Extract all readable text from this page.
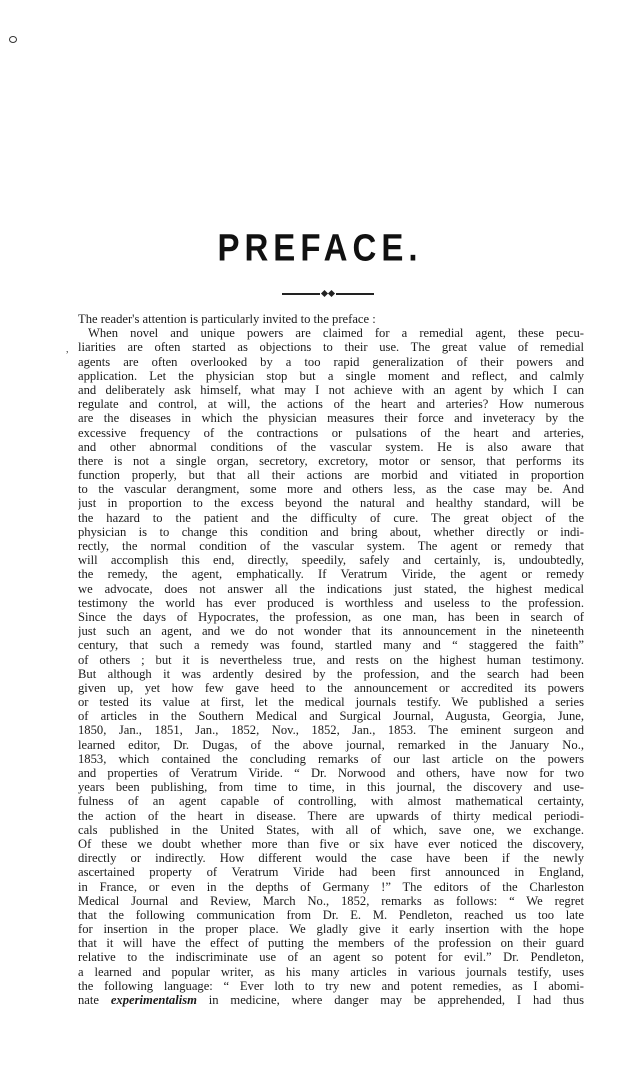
PREFACE.
,
The reader's attention is particularly invited to the preface :
When novel and unique powers are claimed for a remedial agent, these pecu-
liarities are often started as objections to their use. The great value of remedial
agents are often overlooked by a too rapid generalization of their powers and
application. Let the physician stop but a single moment and reflect, and calmly
and deliberately ask himself, what may I not achieve with an agent by which I can
regulate and control, at will, the actions of the heart and arteries? How numerous
are the diseases in which the physician measures their force and inveteracy by the
excessive frequency of the contractions or pulsations of the heart and arteries,
and other abnormal conditions of the vascular system. He is also aware that
there is not a single organ, secretory, excretory, motor or sensor, that performs its
function properly, but that all their actions are morbid and vitiated in proportion
to the vascular derangment, some more and others less, as the case may be. And
just in proportion to the excess beyond the natural and healthy standard, will be
the hazard to the patient and the difficulty of cure. The great object of the
physician is to change this condition and bring about, whether directly or indi-
rectly, the normal condition of the vascular system. The agent or remedy that
will accomplish this end, directly, speedily, safely and certainly, is, undoubtedly,
the remedy, the agent, emphatically. If Veratrum Viride, the agent or remedy
we advocate, does not answer all the indications just stated, the highest medical
testimony the world has ever produced is worthless and useless to the profession.
Since the days of Hypocrates, the profession, as one man, has been in search of
just such an agent, and we do not wonder that its announcement in the nineteenth
century, that such a remedy was found, startled many and “ staggered the faith”
of others ; but it is nevertheless true, and rests on the highest human testimony.
But although it was ardently desired by the profession, and the search had been
given up, yet how few gave heed to the announcement or accredited its powers
or tested its value at first, let the medical journals testify. We published a series
of articles in the Southern Medical and Surgical Journal, Augusta, Georgia, June,
1850, Jan., 1851, Jan., 1852, Nov., 1852, Jan., 1853. The eminent surgeon and
learned editor, Dr. Dugas, of the above journal, remarked in the January No.,
1853, which contained the concluding remarks of our last article on the powers
and properties of Veratrum Viride. “ Dr. Norwood and others, have now for two
years been publishing, from time to time, in this journal, the discovery and use-
fulness of an agent capable of controlling, with almost mathematical certainty,
the action of the heart in disease. There are upwards of thirty medical periodi-
cals published in the United States, with all of which, save one, we exchange.
Of these we doubt whether more than five or six have ever noticed the discovery,
directly or indirectly. How different would the case have been if the newly
ascertained property of Veratrum Viride had been first announced in England,
in France, or even in the depths of Germany !” The editors of the Charleston
Medical Journal and Review, March No., 1852, remarks as follows: “ We regret
that the following communication from Dr. E. M. Pendleton, reached us too late
for insertion in the proper place. We gladly give it early insertion with the hope
that it will have the effect of putting the members of the profession on their guard
relative to the indiscriminate use of an agent so potent for evil.” Dr. Pendleton,
a learned and popular writer, as his many articles in various journals testify, uses
the following language: “ Ever loth to try new and potent remedies, as I abomi-
nate experimentalism in medicine, where danger may be apprehended, I had thus
